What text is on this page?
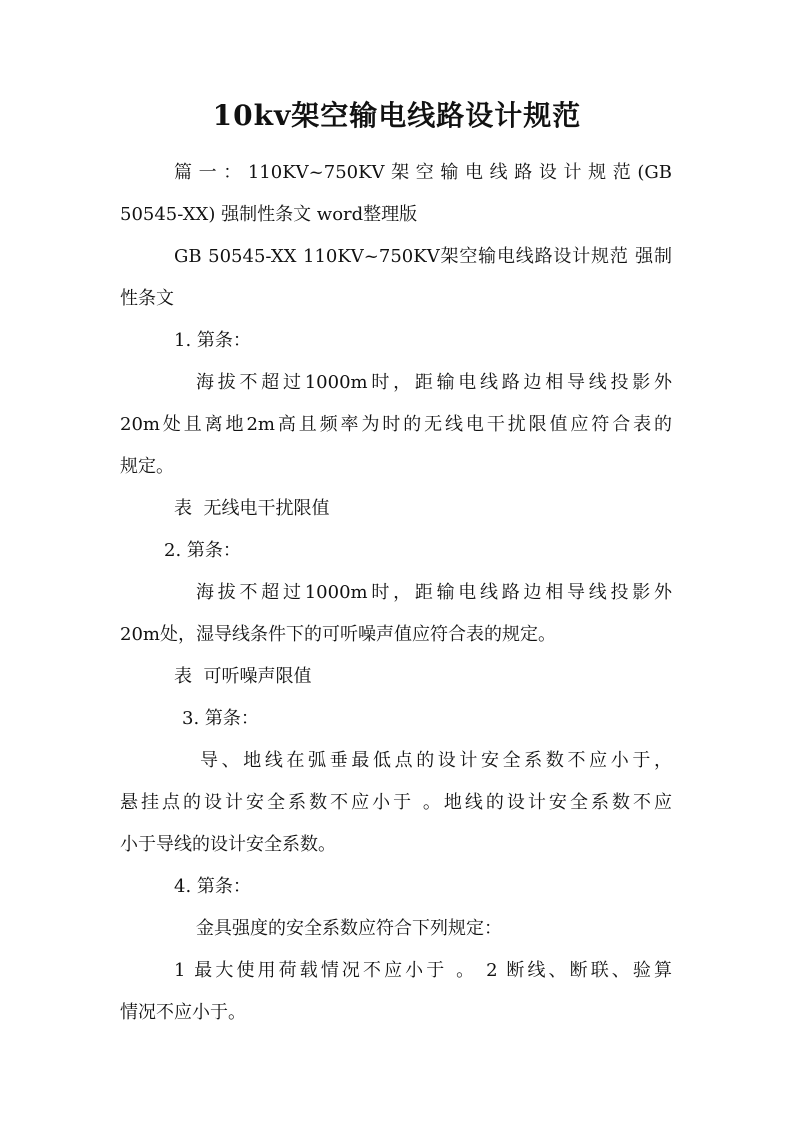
10kv架空输电线路设计规范
篇一：110KV~750KV架空输电线路设计规范(GB
50545-XX) 强制性条文 word整理版
GB 50545-XX 110KV~750KV架空输电线路设计规范 强制
性条文
1. 第条：
海拔不超过1000m时，距输电线路边相导线投影外
20m处且离地2m高且频率为时的无线电干扰限值应符合表的
规定。
表  无线电干扰限值
2. 第条：
海拔不超过1000m时，距输电线路边相导线投影外
20m处，湿导线条件下的可听噪声值应符合表的规定。
表  可听噪声限值
3. 第条：
导、地线在弧垂最低点的设计安全系数不应小于，
悬挂点的设计安全系数不应小于 。地线的设计安全系数不应
小于导线的设计安全系数。
4. 第条：
金具强度的安全系数应符合下列规定：
1 最大使用荷载情况不应小于 。 2 断线、断联、验算
情况不应小于。
